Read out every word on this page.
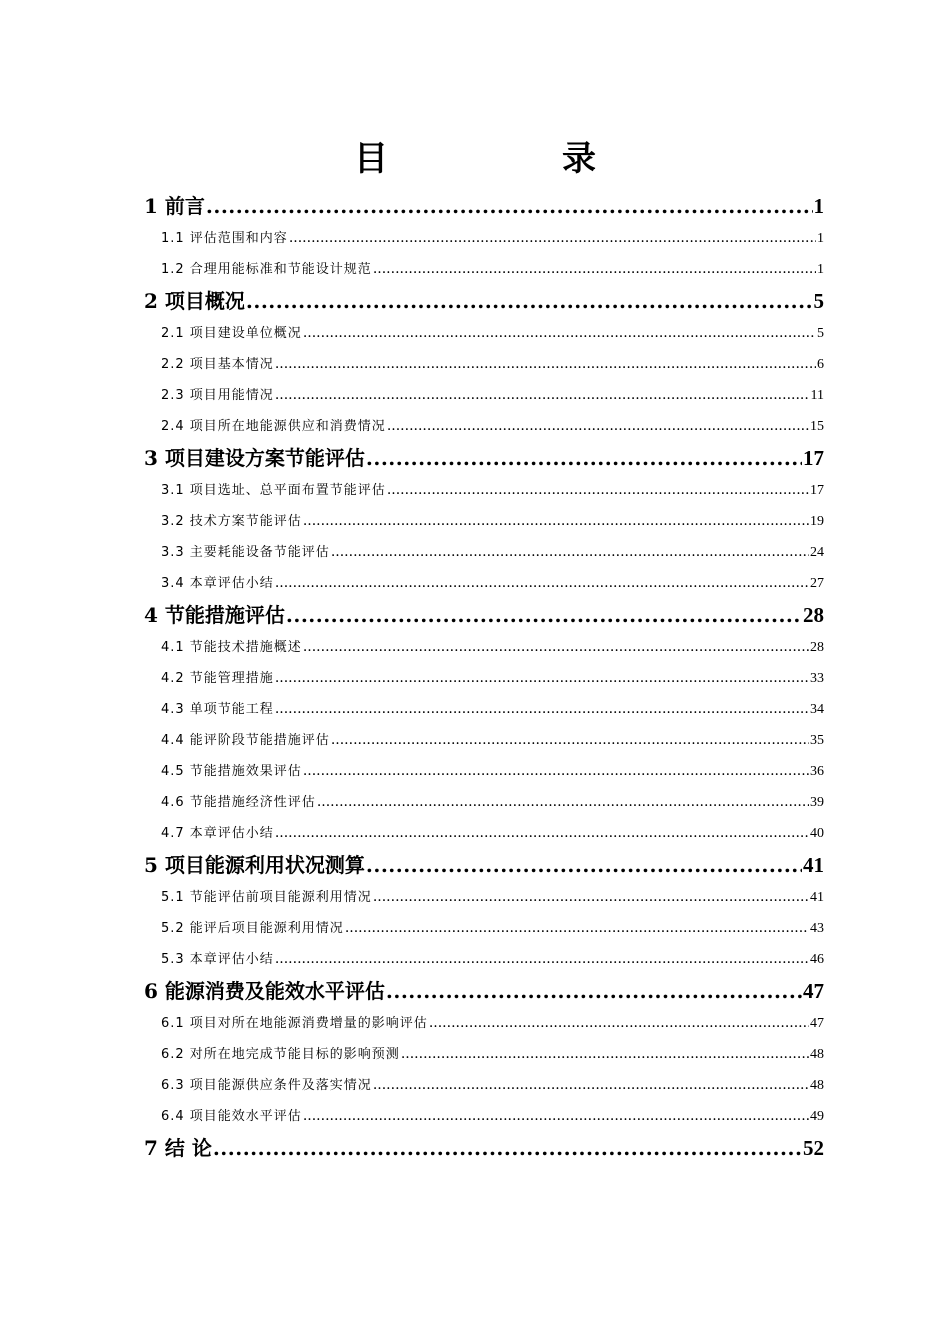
目　录
1 前言 .....	1
1.1 评估范围和内容 .....	1
1.2 合理用能标准和节能设计规范 .....	1
2 项目概况 .....	5
2.1 项目建设单位概况 .....	5
2.2 项目基本情况 .....	6
2.3 项目用能情况 .....	11
2.4 项目所在地能源供应和消费情况 .....	15
3 项目建设方案节能评估 .....	17
3.1 项目选址、总平面布置节能评估 .....	17
3.2 技术方案节能评估 .....	19
3.3 主要耗能设备节能评估 .....	24
3.4 本章评估小结 .....	27
4 节能措施评估 .....	28
4.1 节能技术措施概述 .....	28
4.2 节能管理措施 .....	33
4.3 单项节能工程 .....	34
4.4 能评阶段节能措施评估 .....	35
4.5 节能措施效果评估 .....	36
4.6 节能措施经济性评估 .....	39
4.7 本章评估小结 .....	40
5 项目能源利用状况测算 .....	41
5.1 节能评估前项目能源利用情况 .....	41
5.2 能评后项目能源利用情况 .....	43
5.3 本章评估小结 .....	46
6 能源消费及能效水平评估 .....	47
6.1 项目对所在地能源消费增量的影响评估 .....	47
6.2 对所在地完成节能目标的影响预测 .....	48
6.3 项目能源供应条件及落实情况 .....	48
6.4 项目能效水平评估 .....	49
7 结 论 .....	52
